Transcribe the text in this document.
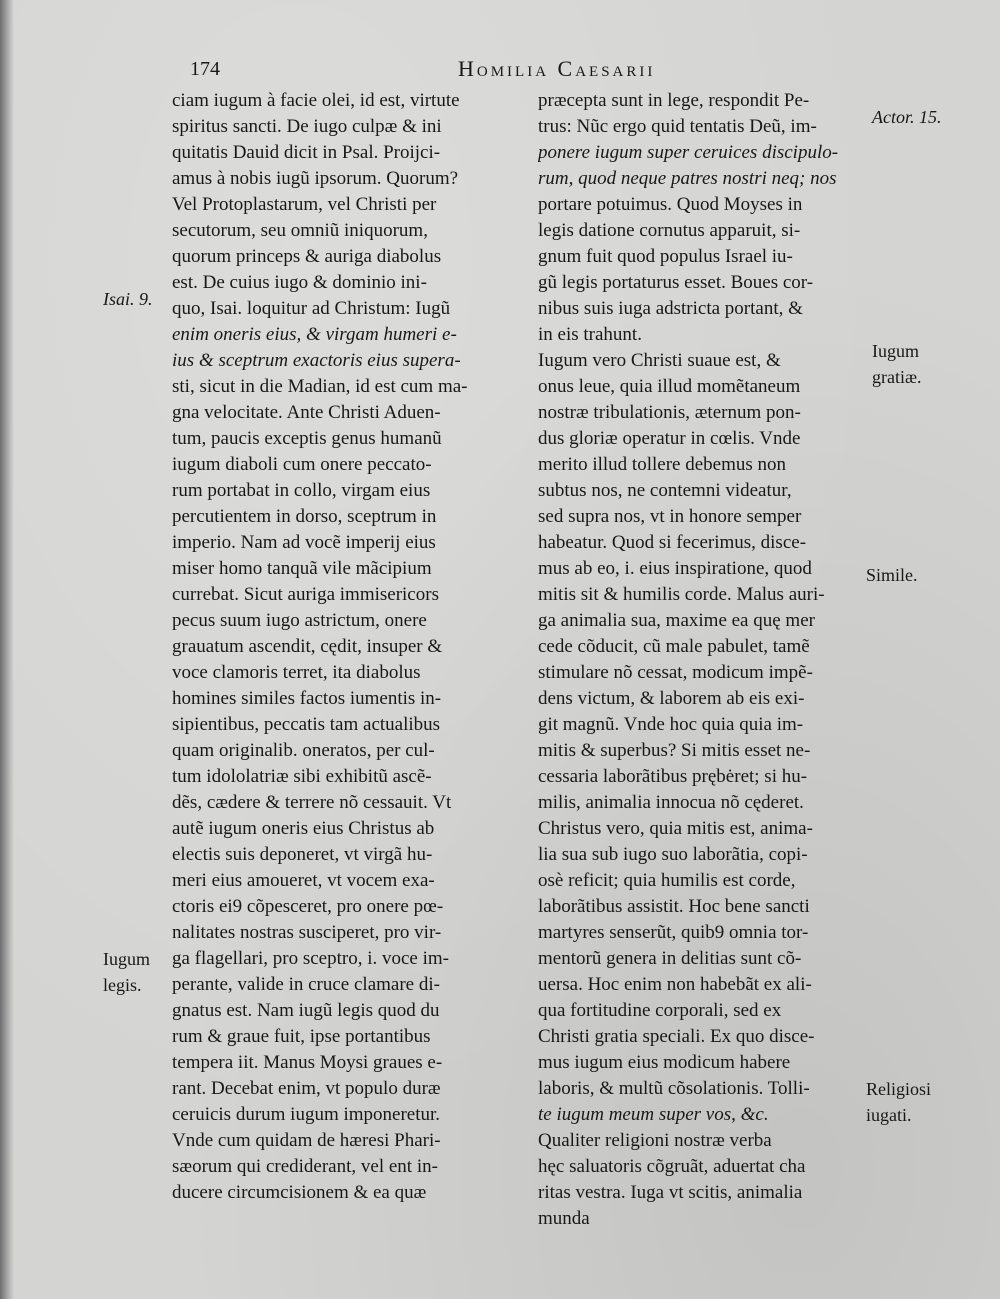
174	Homilia Caesarii
ciam iugum à facie olei, id est, virtute
spiritus sancti. De iugo culpæ & ini
quitatis Dauid dicit in Psal. Proijci-
amus à nobis iugũ ipsorum. Quorum?
Vel Protoplastarum, vel Christi per
secutorum, seu omniũ iniquorum,
quorum princeps & auriga diabolus
est. De cuius iugo & dominio ini-
quo, Isai. loquitur ad Christum: Iugũ
enim oneris eius, & virgam humeri e-
ius & sceptrum exactoris eius supera-
sti, sicut in die Madian, id est cum ma-
gna velocitate. Ante Christi Aduen-
tum, paucis exceptis genus humanũ
iugum diaboli cum onere peccato-
rum portabat in collo, virgam eius
percutientem in dorso, sceptrum in
imperio. Nam ad vocẽ imperij eius
miser homo tanquã vile mãcipium
currebat. Sicut auriga immisericors
pecus suum iugo astrictum, onere
grauatum ascendit, cędit, insuper &
voce clamoris terret, ita diabolus
homines similes factos iumentis in-
sipientibus, peccatis tam actualibus
quam originalib. oneratos, per cul-
tum idololatriæ sibi exhibitũ ascẽ-
dẽs, cædere & terrere nõ cessauit. Vt
autẽ iugum oneris eius Christus ab
electis suis deponeret, vt virgã hu-
meri eius amoueret, vt vocem exa-
ctoris ei9 cõpesceret, pro onere pœ-
nalitates nostras susciperet, pro vir-
ga flagellari, pro sceptro, i. voce im-
perante, valide in cruce clamare di-
gnatus est. Nam iugũ legis quod du
rum & graue fuit, ipse portantibus
tempera iit. Manus Moysi graues e-
rant. Decebat enim, vt populo duræ
ceruicis durum iugum imponeretur.
Vnde cum quidam de hæresi Phari-
sæorum qui crediderant, vel ent in-
ducere circumcisionem & ea quæ
præcepta sunt in lege, respondit Pe-
trus: Nũc ergo quid tentatis Deũ, im-
ponere iugum super ceruices discipulo-
rum, quod neque patres nostri neq; nos
portare potuimus. Quod Moyses in
legis datione cornutus apparuit, si-
gnum fuit quod populus Israel iu-
gũ legis portaturus esset. Boues cor-
nibus suis iuga adstricta portant, &
in eis trahunt.
Iugum vero Christi suaue est, &
onus leue, quia illud momẽtaneum
nostræ tribulationis, æternum pon-
dus gloriæ operatur in cœlis. Vnde
merito illud tollere debemus non
subtus nos, ne contemni videatur,
sed supra nos, vt in honore semper
habeatur. Quod si fecerimus, disce-
mus ab eo, i. eius inspiratione, quod
mitis sit & humilis corde. Malus auri-
ga animalia sua, maxime ea quę mer
cede cõducit, cũ male pabulet, tamẽ
stimulare nõ cessat, modicum impẽ-
dens victum, & laborem ab eis exi-
git magnũ. Vnde hoc quia quia im-
mitis & superbus? Si mitis esset ne-
cessaria laborãtibus prębėret; si hu-
milis, animalia innocua nõ cęderet.
Christus vero, quia mitis est, anima-
lia sua sub iugo suo laborãtia, copi-
osè reficit; quia humilis est corde,
laborãtibus assistit. Hoc bene sancti
martyres senserũt, quib9 omnia tor-
mentorũ genera in delitias sunt cõ-
uersa. Hoc enim non habebãt ex ali-
qua fortitudine corporali, sed ex
Christi gratia speciali. Ex quo disce-
mus iugum eius modicum habere
laboris, & multũ cõsolationis. Tolli-
te iugum meum super vos, &c.
Qualiter religioni nostræ verba
hęc saluatoris cõgruãt, aduertat cha
ritas vestra. Iuga vt scitis, animalia
munda
Isai. 9.
Iugum
legis.
Actor. 15.
Iugum
gratiæ.
Simile.
Religiosi
iugati.
